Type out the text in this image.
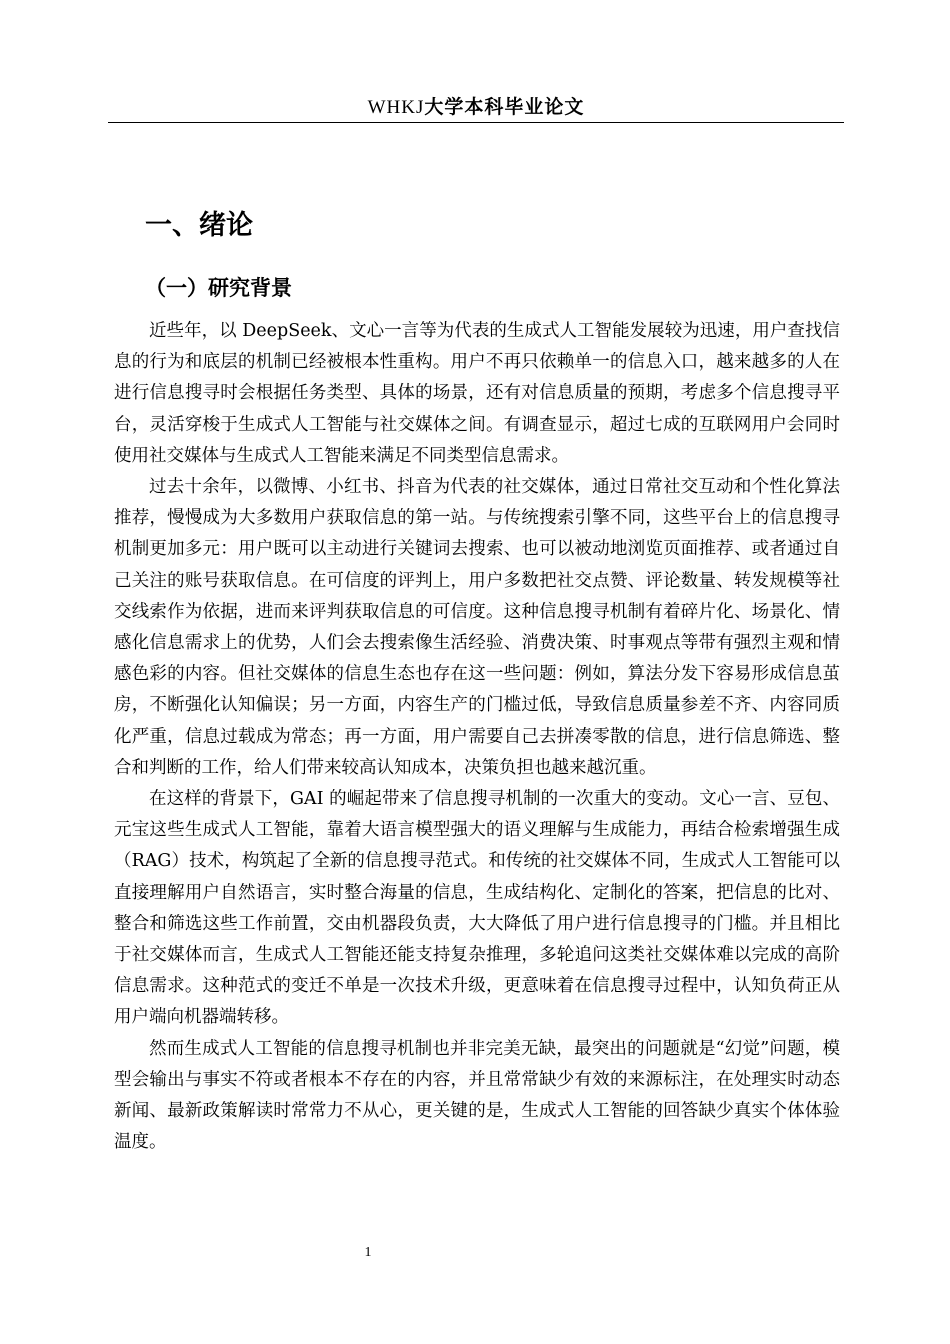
WHKJ大学本科毕业论文
一、绪论
（一）研究背景

近些年，以 DeepSeek、文心一言等为代表的生成式人工智能发展较为迅速，用户查找信息的行为和底层的机制已经被根本性重构。用户不再只依赖单一的信息入口，越来越多的人在进行信息搜寻时会根据任务类型、具体的场景，还有对信息质量的预期，考虑多个信息搜寻平台，灵活穿梭于生成式人工智能与社交媒体之间。有调查显示，超过七成的互联网用户会同时使用社交媒体与生成式人工智能来满足不同类型信息需求。

过去十余年，以微博、小红书、抖音为代表的社交媒体，通过日常社交互动和个性化算法推荐，慢慢成为大多数用户获取信息的第一站。与传统搜索引擎不同，这些平台上的信息搜寻机制更加多元：用户既可以主动进行关键词去搜索、也可以被动地浏览页面推荐、或者通过自己关注的账号获取信息。在可信度的评判上，用户多数把社交点赞、评论数量、转发规模等社交线索作为依据，进而来评判获取信息的可信度。这种信息搜寻机制有着碎片化、场景化、情感化信息需求上的优势，人们会去搜索像生活经验、消费决策、时事观点等带有强烈主观和情感色彩的内容。但社交媒体的信息生态也存在这一些问题：例如，算法分发下容易形成信息茧房，不断强化认知偏误；另一方面，内容生产的门槛过低，导致信息质量参差不齐、内容同质化严重，信息过载成为常态；再一方面，用户需要自己去拼凑零散的信息，进行信息筛选、整合和判断的工作，给人们带来较高认知成本，决策负担也越来越沉重。

在这样的背景下，GAI 的崛起带来了信息搜寻机制的一次重大的变动。文心一言、豆包、元宝这些生成式人工智能，靠着大语言模型强大的语义理解与生成能力，再结合检索增强生成（RAG）技术，构筑起了全新的信息搜寻范式。和传统的社交媒体不同，生成式人工智能可以直接理解用户自然语言，实时整合海量的信息，生成结构化、定制化的答案，把信息的比对、整合和筛选这些工作前置，交由机器段负责，大大降低了用户进行信息搜寻的门槛。并且相比于社交媒体而言，生成式人工智能还能支持复杂推理，多轮追问这类社交媒体难以完成的高阶信息需求。这种范式的变迁不单是一次技术升级，更意味着在信息搜寻过程中，认知负荷正从用户端向机器端转移。

然而生成式人工智能的信息搜寻机制也并非完美无缺，最突出的问题就是“幻觉”问题，模型会输出与事实不符或者根本不存在的内容，并且常常缺少有效的来源标注，在处理实时动态新闻、最新政策解读时常常力不从心，更关键的是，生成式人工智能的回答缺少真实个体体验温度。

1
